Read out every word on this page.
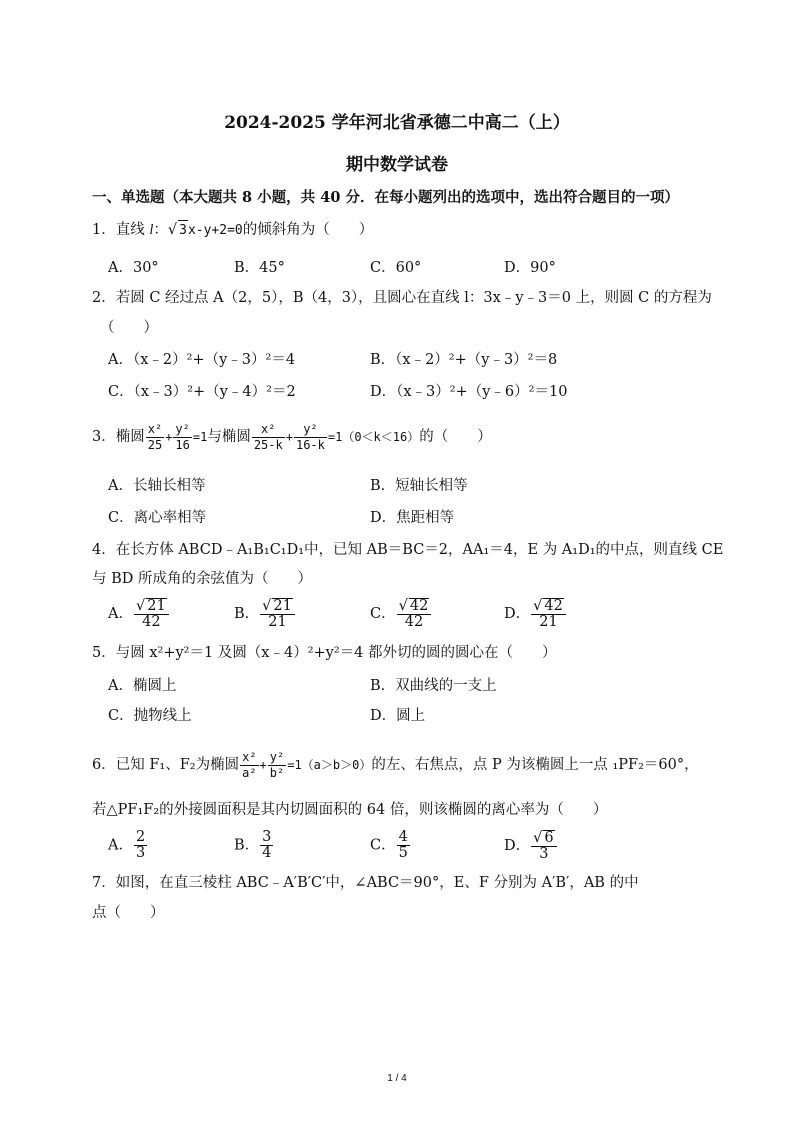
2024-2025 学年河北省承德二中高二（上）
期中数学试卷
一、单选题（本大题共 8 小题，共 40 分．在每小题列出的选项中，选出符合题目的一项）
1．直线 l：√ 3x-y+2=0的倾斜角为（　　）
A．30°	B．45°	C．60°	D．90°
2．若圆 C 经过点 A（2，5），B（4，3），且圆心在直线 l：3x﹣y﹣3＝0 上，则圆 C 的方程为
（　　）
A．（x﹣2）²+（y﹣3）²＝4	B．（x﹣2）²+（y﹣3）²＝8
C．（x﹣3）²+（y﹣4）²＝2	D．（x﹣3）²+（y﹣6）²＝10
3．椭圆 $\frac{\text{x²}}{25} + \frac{\text{y²}}{16} =1$与椭圆 $\frac{\text{x²}}{25-k} + \frac{\text{y²}}{16-k} =1(0<k<16)$的（　　）
A．长轴长相等	B．短轴长相等
C．离心率相等	D．焦距相等
4．在长方体 ABCD﹣A₁B₁C₁D₁中，已知 AB＝BC＝2，AA₁＝4，E 为 A₁D₁的中点，则直线 CE
与 BD 所成角的余弦值为（　　）
A． $\frac{√ 21}{42}$	B． $\frac{√ 21}{21}$	C． $\frac{√ 42}{42}$	D． $\frac{√ 42}{21}$
5．与圆 x²+y²＝1 及圆（x﹣4）²+y²＝4 都外切的圆的圆心在（　　）
A．椭圆上	B．双曲线的一支上
C．抛物线上	D．圆上
6．已知 F₁、F₂为椭圆 $\frac{\text{x²}}{\text{a²}} + \frac{\text{y²}}{\text{b²}} =1(a>b>0)$的左、右焦点，点 P 为该椭圆上一点 ₁PF₂＝60°，
若△PF₁F₂的外接圆面积是其内切圆面积的 64 倍，则该椭圆的离心率为（　　）
A． $\frac{2}{3}$	B． $\frac{3}{4}$	C． $\frac{4}{5}$	D． $\frac{√ 6}{3}$
7．如图，在直三棱柱 ABC﹣A′B′C′中，∠ABC＝90°，E、F 分别为 A′B′，AB 的中
点（　　）
1 / 4
